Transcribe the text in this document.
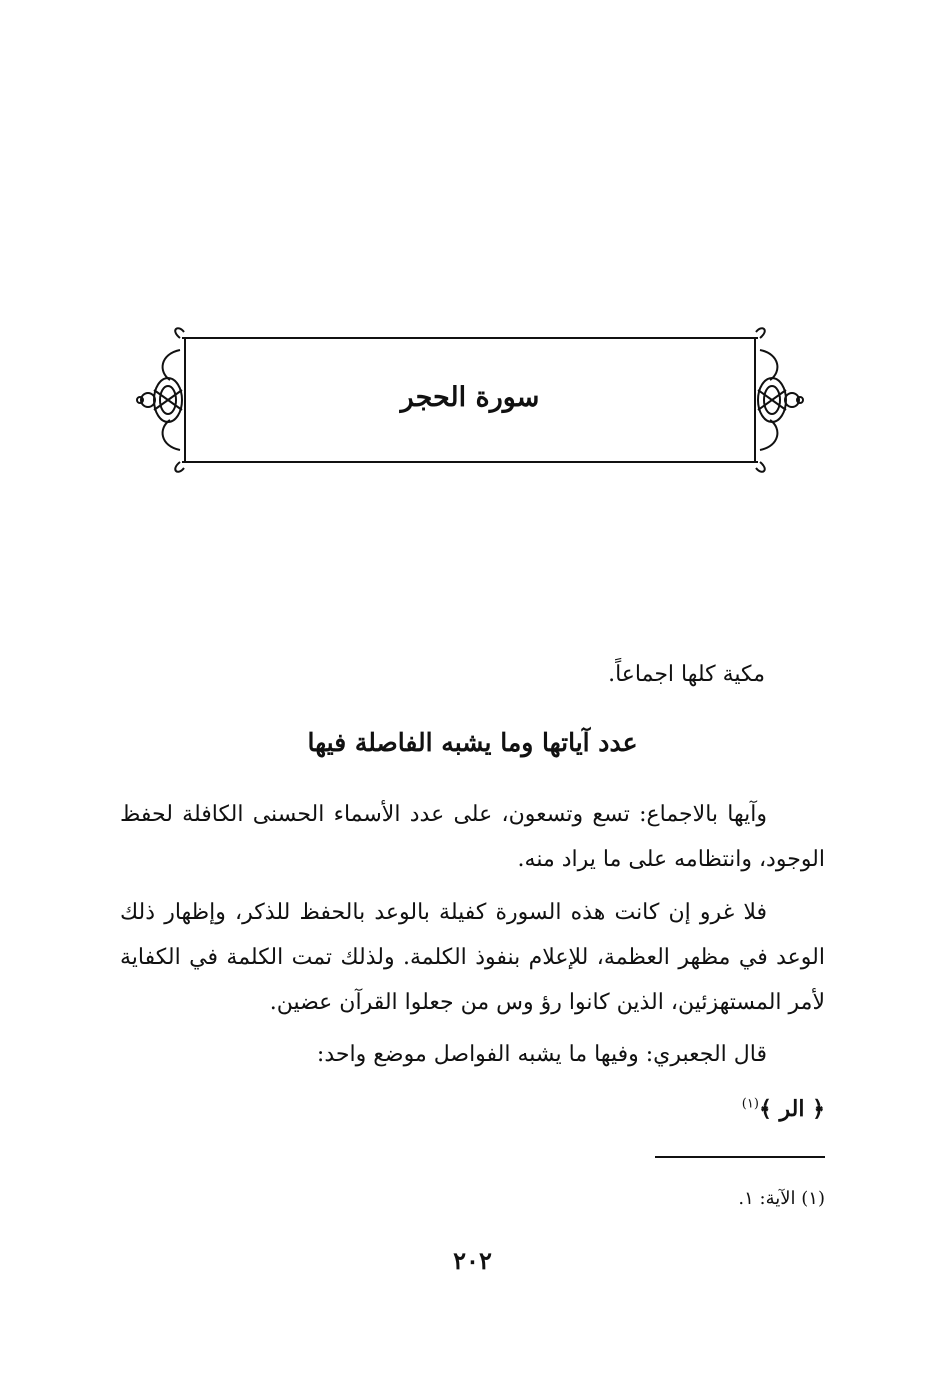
سورة الحجر
مكية كلها اجماعاً.
عدد آياتها وما يشبه الفاصلة فيها
وآيها بالاجماع: تسع وتسعون، على عدد الأسماء الحسنى الكافلة لحفظ الوجود، وانتظامه على ما يراد منه.
فلا غرو إن كانت هذه السورة كفيلة بالوعد بالحفظ للذكر، وإظهار ذلك الوعد في مظهر العظمة، للإعلام بنفوذ الكلمة. ولذلك تمت الكلمة في الكفاية لأمر المستهزئين، الذين كانوا رؤ وس من جعلوا القرآن عضين.
قال الجعبري: وفيها ما يشبه الفواصل موضع واحد:
﴿ الر ﴾$^{(١)}$
(١) الآية: ١.
٢٠٢
